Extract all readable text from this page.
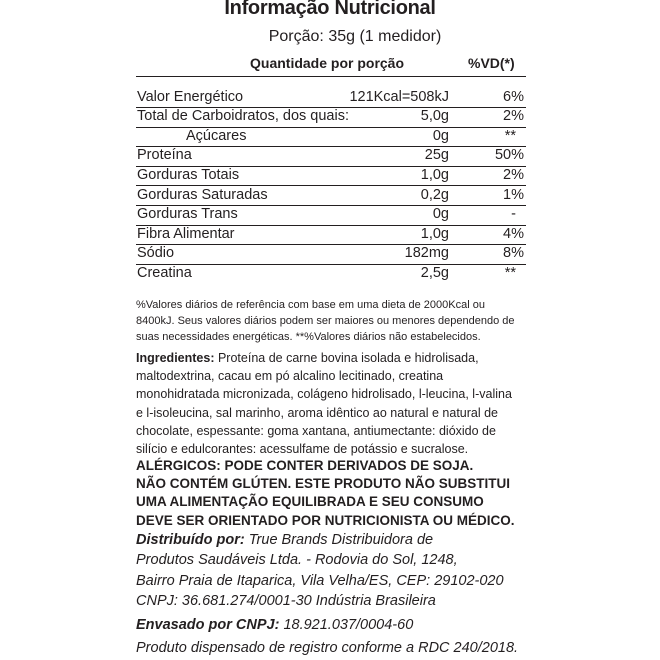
Informação Nutricional
Porção: 35g (1 medidor)
Quantidade por porção	%VD(*)
Valor Energético	121Kcal=508kJ	6%
Total de Carboidratos, dos quais:	5,0g	2%
Açúcares	0g	**
Proteína	25g	50%
Gorduras Totais	1,0g	2%
Gorduras Saturadas	0,2g	1%
Gorduras Trans	0g	-
Fibra Alimentar	1,0g	4%
Sódio	182mg	8%
Creatina	2,5g	**
%Valores diários de referência com base em uma dieta de 2000Kcal ou
8400kJ. Seus valores diários podem ser maiores ou menores dependendo de
suas necessidades energéticas. **%Valores diários não estabelecidos.
Ingredientes: Proteína de carne bovina isolada e hidrolisada,
maltodextrina, cacau em pó alcalino lecitinado, creatina
monohidratada micronizada, colágeno hidrolisado, l-leucina, l-valina
e l-isoleucina, sal marinho, aroma idêntico ao natural e natural de
chocolate, espessante: goma xantana, antiumectante: dióxido de
silício e edulcorantes: acessulfame de potássio e sucralose.
ALÉRGICOS: PODE CONTER DERIVADOS DE SOJA.
NÃO CONTÉM GLÚTEN. ESTE PRODUTO NÃO SUBSTITUI
UMA ALIMENTAÇÃO EQUILIBRADA E SEU CONSUMO
DEVE SER ORIENTADO POR NUTRICIONISTA OU MÉDICO.
Distribuído por: True Brands Distribuidora de
Produtos Saudáveis Ltda. - Rodovia do Sol, 1248,
Bairro Praia de Itaparica, Vila Velha/ES, CEP: 29102-020
CNPJ: 36.681.274/0001-30 Indústria Brasileira
Envasado por CNPJ: 18.921.037/0004-60
Produto dispensado de registro conforme a RDC 240/2018.
